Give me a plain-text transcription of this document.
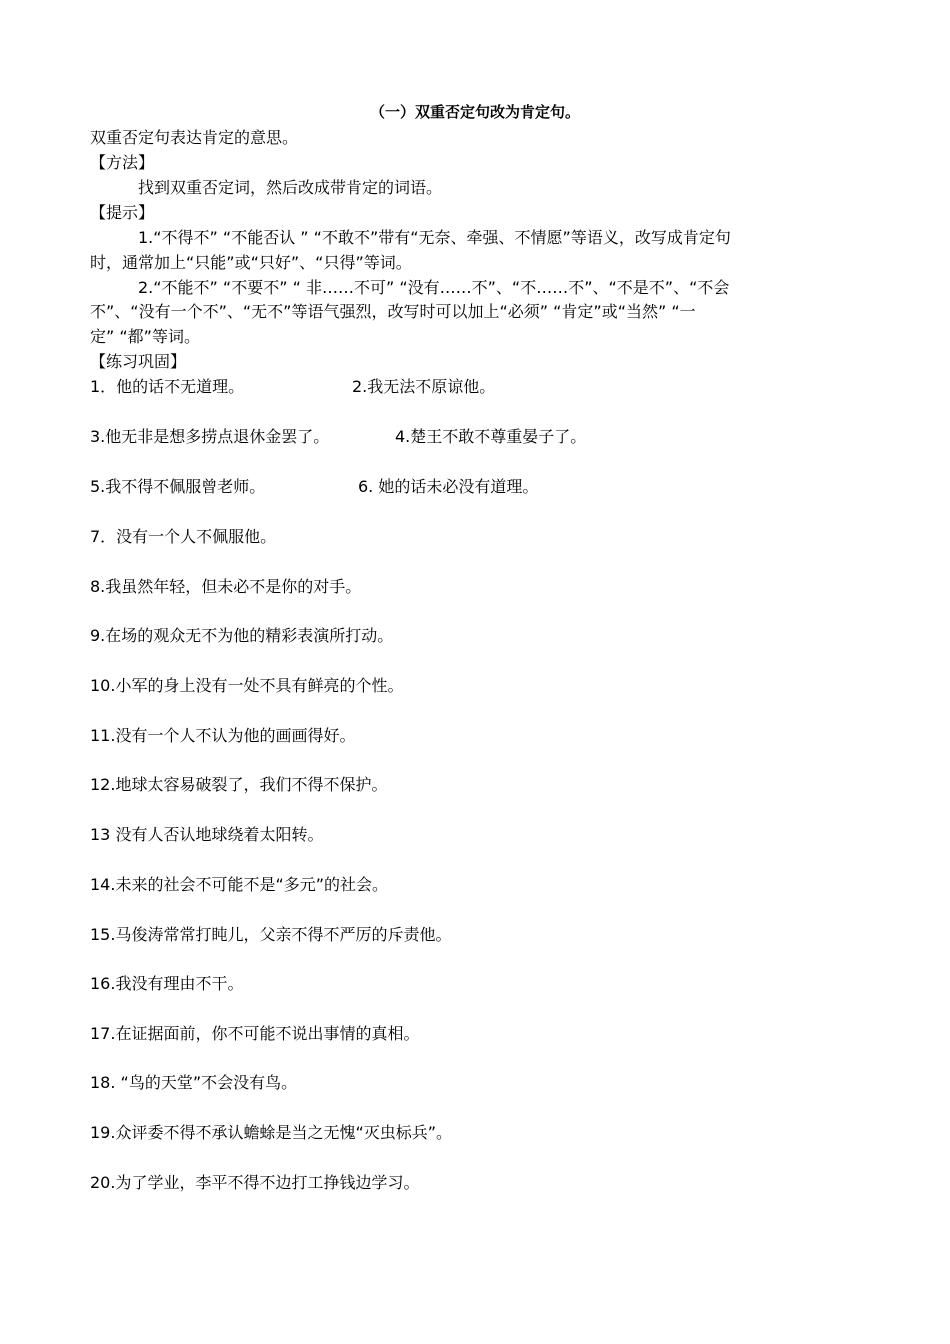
（一）双重否定句改为肯定句。
双重否定句表达肯定的意思。
【方法】
找到双重否定词，然后改成带肯定的词语。
【提示】
1.“不得不” “不能否认 ” “不敢不”带有“无奈、牵强、不情愿”等语义，改写成肯定句
时，通常加上“只能”或“只好”、“只得”等词。
2.“不能不” “不要不” “ 非……不可” “没有……不”、“不……不”、“不是不”、“不会
不”、“没有一个不”、“无不”等语气强烈，改写时可以加上“必须” “肯定”或“当然” “一
定” “都”等词。
【练习巩固】
1．他的话不无道理。	2.我无法不原谅他。
3.他无非是想多捞点退休金罢了。	4.楚王不敢不尊重晏子了。
5.我不得不佩服曾老师。	6. 她的话未必没有道理。
7．没有一个人不佩服他。
8.我虽然年轻，但未必不是你的对手。
9.在场的观众无不为他的精彩表演所打动。
10.小军的身上没有一处不具有鲜亮的个性。
11.没有一个人不认为他的画画得好。
12.地球太容易破裂了，我们不得不保护。
13 没有人否认地球绕着太阳转。
14.未来的社会不可能不是“多元”的社会。
15.马俊涛常常打盹儿，父亲不得不严厉的斥责他。
16.我没有理由不干。
17.在证据面前，你不可能不说出事情的真相。
18. “鸟的天堂”不会没有鸟。
19.众评委不得不承认蟾蜍是当之无愧“灭虫标兵”。
20.为了学业，李平不得不边打工挣钱边学习。
